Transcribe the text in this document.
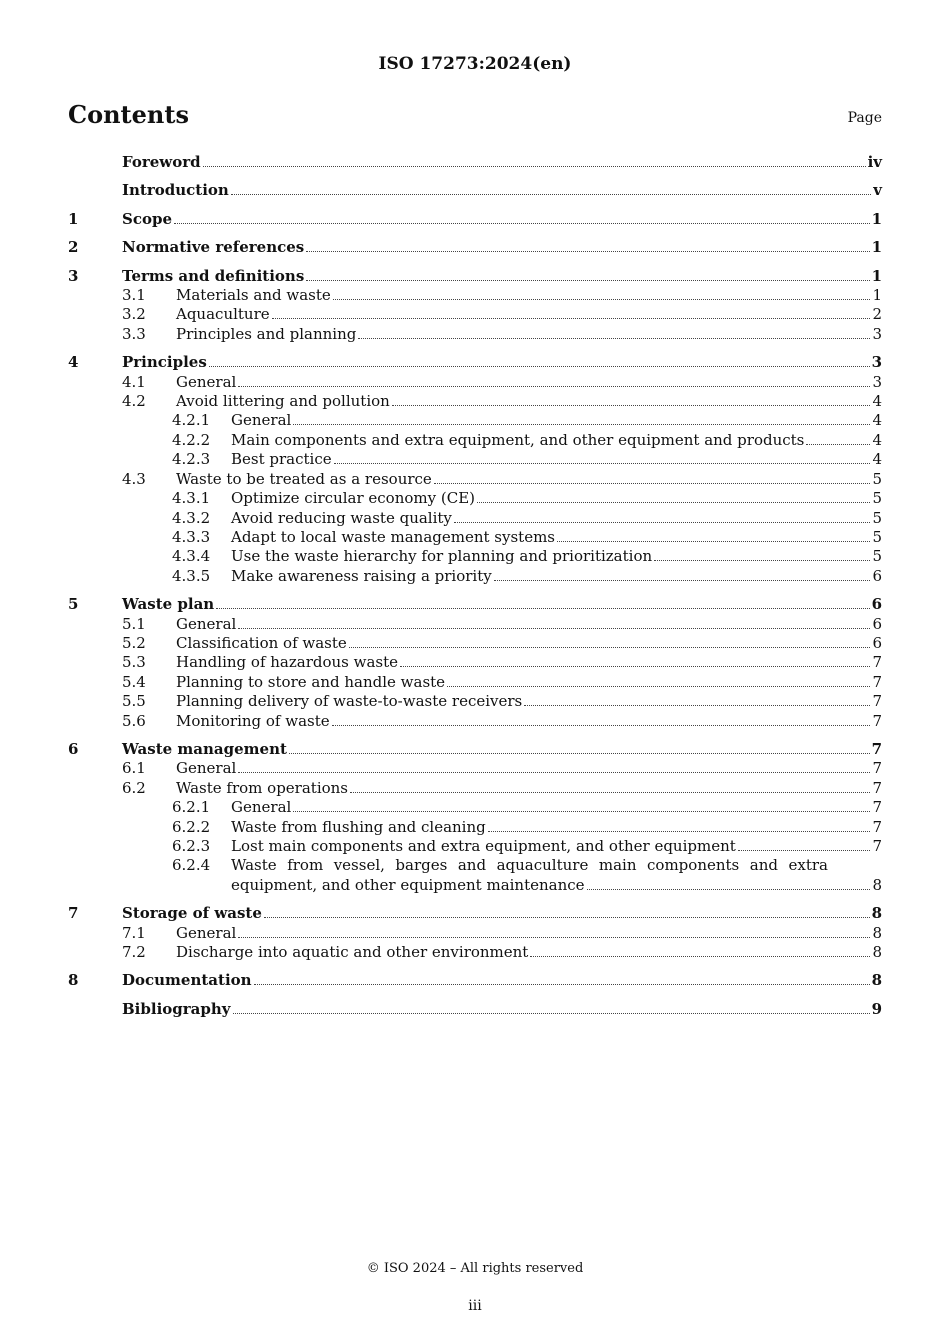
ISO 17273:2024(en)
Contents	Page
Foreword	iv
Introduction	v
1	Scope	1
2	Normative references	1
3	Terms and definitions	1
3.1	Materials and waste	1
3.2	Aquaculture	2
3.3	Principles and planning	3
4	Principles	3
4.1	General	3
4.2	Avoid littering and pollution	4
4.2.1	General	4
4.2.2	Main components and extra equipment, and other equipment and products	4
4.2.3	Best practice	4
4.3	Waste to be treated as a resource	5
4.3.1	Optimize circular economy (CE)	5
4.3.2	Avoid reducing waste quality	5
4.3.3	Adapt to local waste management systems	5
4.3.4	Use the waste hierarchy for planning and prioritization	5
4.3.5	Make awareness raising a priority	6
5	Waste plan	6
5.1	General	6
5.2	Classification of waste	6
5.3	Handling of hazardous waste	7
5.4	Planning to store and handle waste	7
5.5	Planning delivery of waste-to-waste receivers	7
5.6	Monitoring of waste	7
6	Waste management	7
6.1	General	7
6.2	Waste from operations	7
6.2.1	General	7
6.2.2	Waste from flushing and cleaning	7
6.2.3	Lost main components and extra equipment, and other equipment	7
6.2.4	Waste from vessel, barges and aquaculture main components and extra
equipment, and other equipment maintenance	8
7	Storage of waste	8
7.1	General	8
7.2	Discharge into aquatic and other environment	8
8	Documentation	8
Bibliography	9
© ISO 2024 – All rights reserved
iii
